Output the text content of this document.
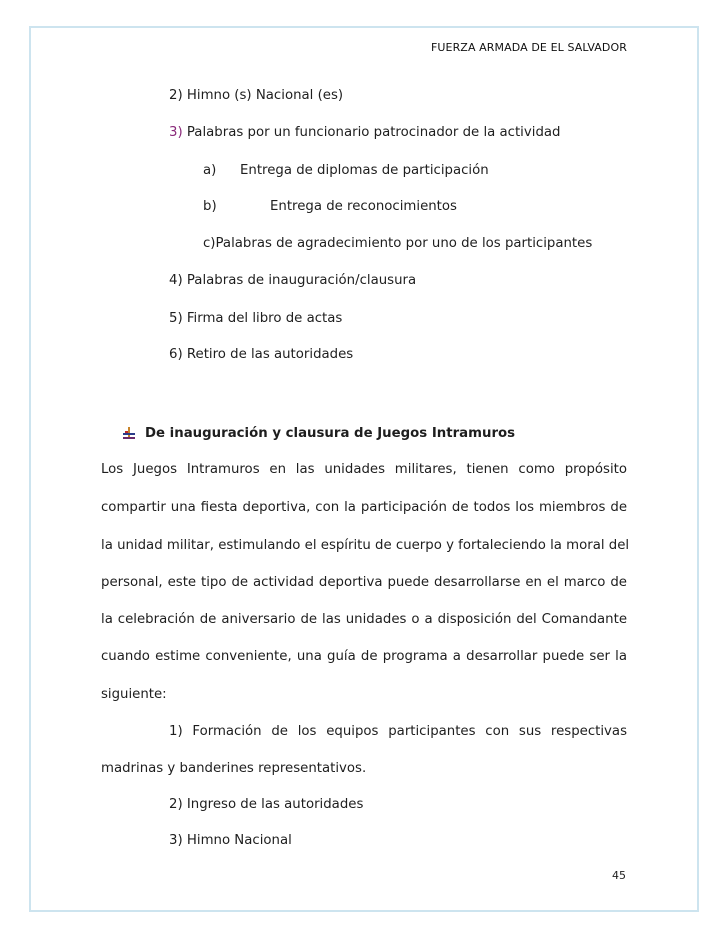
FUERZA ARMADA DE EL SALVADOR
2) Himno (s) Nacional (es)
3) Palabras por un funcionario patrocinador de la actividad
a) Entrega de diplomas de participación
b)	Entrega de reconocimientos
c)Palabras de agradecimiento por uno de los participantes
4) Palabras de inauguración/clausura
5) Firma del libro de actas
6) Retiro de las autoridades
De inauguración y clausura de Juegos Intramuros
Los Juegos Intramuros en las unidades militares, tienen como propósito
compartir una fiesta deportiva, con la participación de todos los miembros de
la unidad militar, estimulando el espíritu de cuerpo y fortaleciendo la moral del
personal, este tipo de actividad deportiva puede desarrollarse en el marco de
la celebración de aniversario de las unidades o a disposición del Comandante
cuando estime conveniente, una guía de programa a desarrollar puede ser la
siguiente:
1) Formación de los equipos participantes con sus respectivas
madrinas y banderines representativos.
2) Ingreso de las autoridades
3) Himno Nacional
45
